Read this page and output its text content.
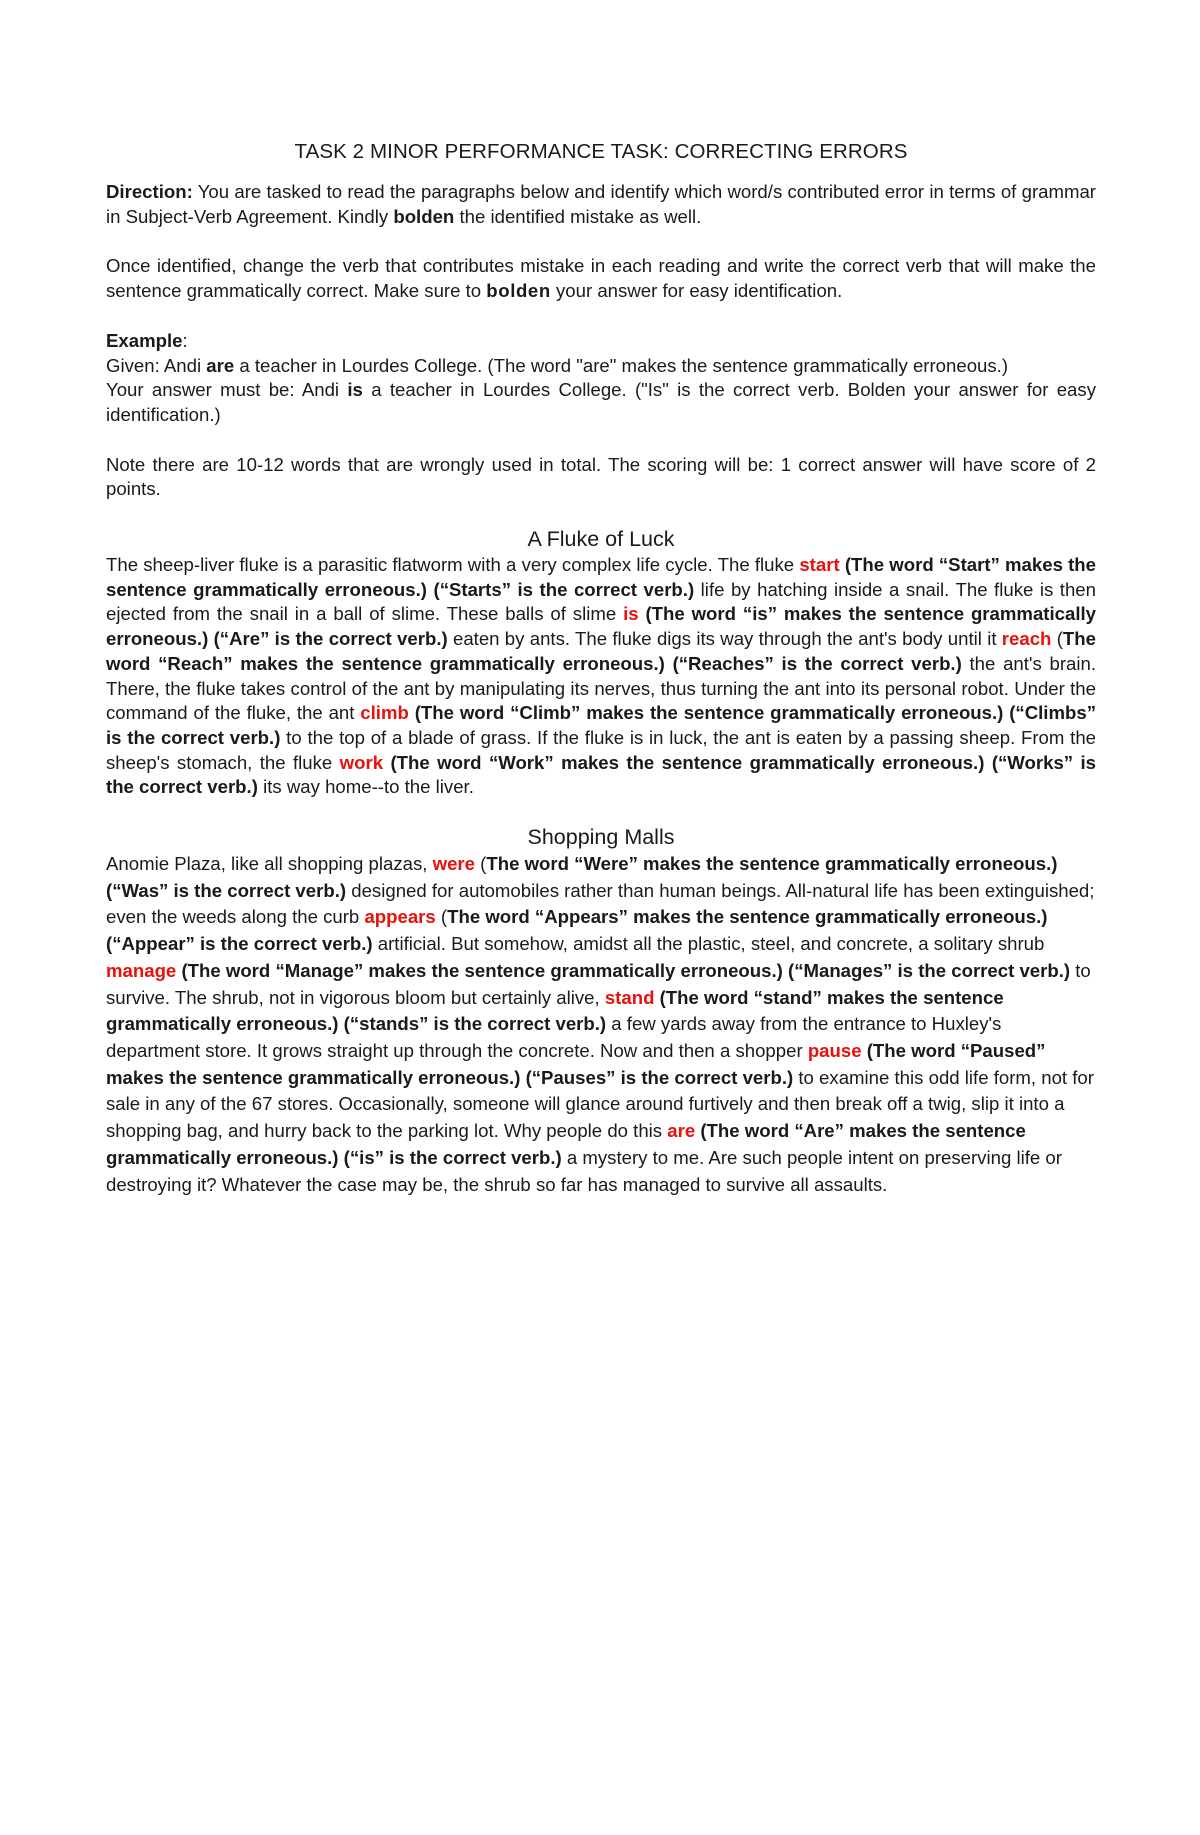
TASK 2 MINOR PERFORMANCE TASK: CORRECTING ERRORS

Direction: You are tasked to read the paragraphs below and identify which word/s contributed error in terms of grammar in Subject-Verb Agreement. Kindly bolden the identified mistake as well.

Once identified, change the verb that contributes mistake in each reading and write the correct verb that will make the sentence grammatically correct. Make sure to bolden your answer for easy identification.

Example:

Given: Andi are a teacher in Lourdes College. (The word "are" makes the sentence grammatically erroneous.)

Your answer must be: Andi is a teacher in Lourdes College. ("Is" is the correct verb. Bolden your answer for easy identification.)

Note there are 10-12 words that are wrongly used in total. The scoring will be: 1 correct answer will have score of 2 points.

A Fluke of Luck

The sheep-liver fluke is a parasitic flatworm with a very complex life cycle. The fluke start (The word “Start” makes the sentence grammatically erroneous.) (“Starts” is the correct verb.) life by hatching inside a snail. The fluke is then ejected from the snail in a ball of slime. These balls of slime is (The word “is” makes the sentence grammatically erroneous.) (“Are” is the correct verb.) eaten by ants. The fluke digs its way through the ant's body until it reach (The word “Reach” makes the sentence grammatically erroneous.) (“Reaches” is the correct verb.) the ant's brain. There, the fluke takes control of the ant by manipulating its nerves, thus turning the ant into its personal robot. Under the command of the fluke, the ant climb (The word “Climb” makes the sentence grammatically erroneous.) (“Climbs” is the correct verb.) to the top of a blade of grass. If the fluke is in luck, the ant is eaten by a passing sheep. From the sheep's stomach, the fluke work (The word “Work” makes the sentence grammatically erroneous.) (“Works” is the correct verb.) its way home--to the liver.

Shopping Malls

Anomie Plaza, like all shopping plazas, were (The word “Were” makes the sentence grammatically erroneous.) (“Was” is the correct verb.) designed for automobiles rather than human beings. All-natural life has been extinguished; even the weeds along the curb appears (The word “Appears” makes the sentence grammatically erroneous.) (“Appear” is the correct verb.) artificial. But somehow, amidst all the plastic, steel, and concrete, a solitary shrub manage (The word “Manage” makes the sentence grammatically erroneous.) (“Manages” is the correct verb.) to survive. The shrub, not in vigorous bloom but certainly alive, stand (The word “stand” makes the sentence grammatically erroneous.) (“stands” is the correct verb.) a few yards away from the entrance to Huxley's department store. It grows straight up through the concrete. Now and then a shopper pause (The word “Paused” makes the sentence grammatically erroneous.) (“Pauses” is the correct verb.) to examine this odd life form, not for sale in any of the 67 stores. Occasionally, someone will glance around furtively and then break off a twig, slip it into a shopping bag, and hurry back to the parking lot. Why people do this are (The word “Are” makes the sentence grammatically erroneous.) (“is” is the correct verb.) a mystery to me. Are such people intent on preserving life or destroying it? Whatever the case may be, the shrub so far has managed to survive all assaults.
